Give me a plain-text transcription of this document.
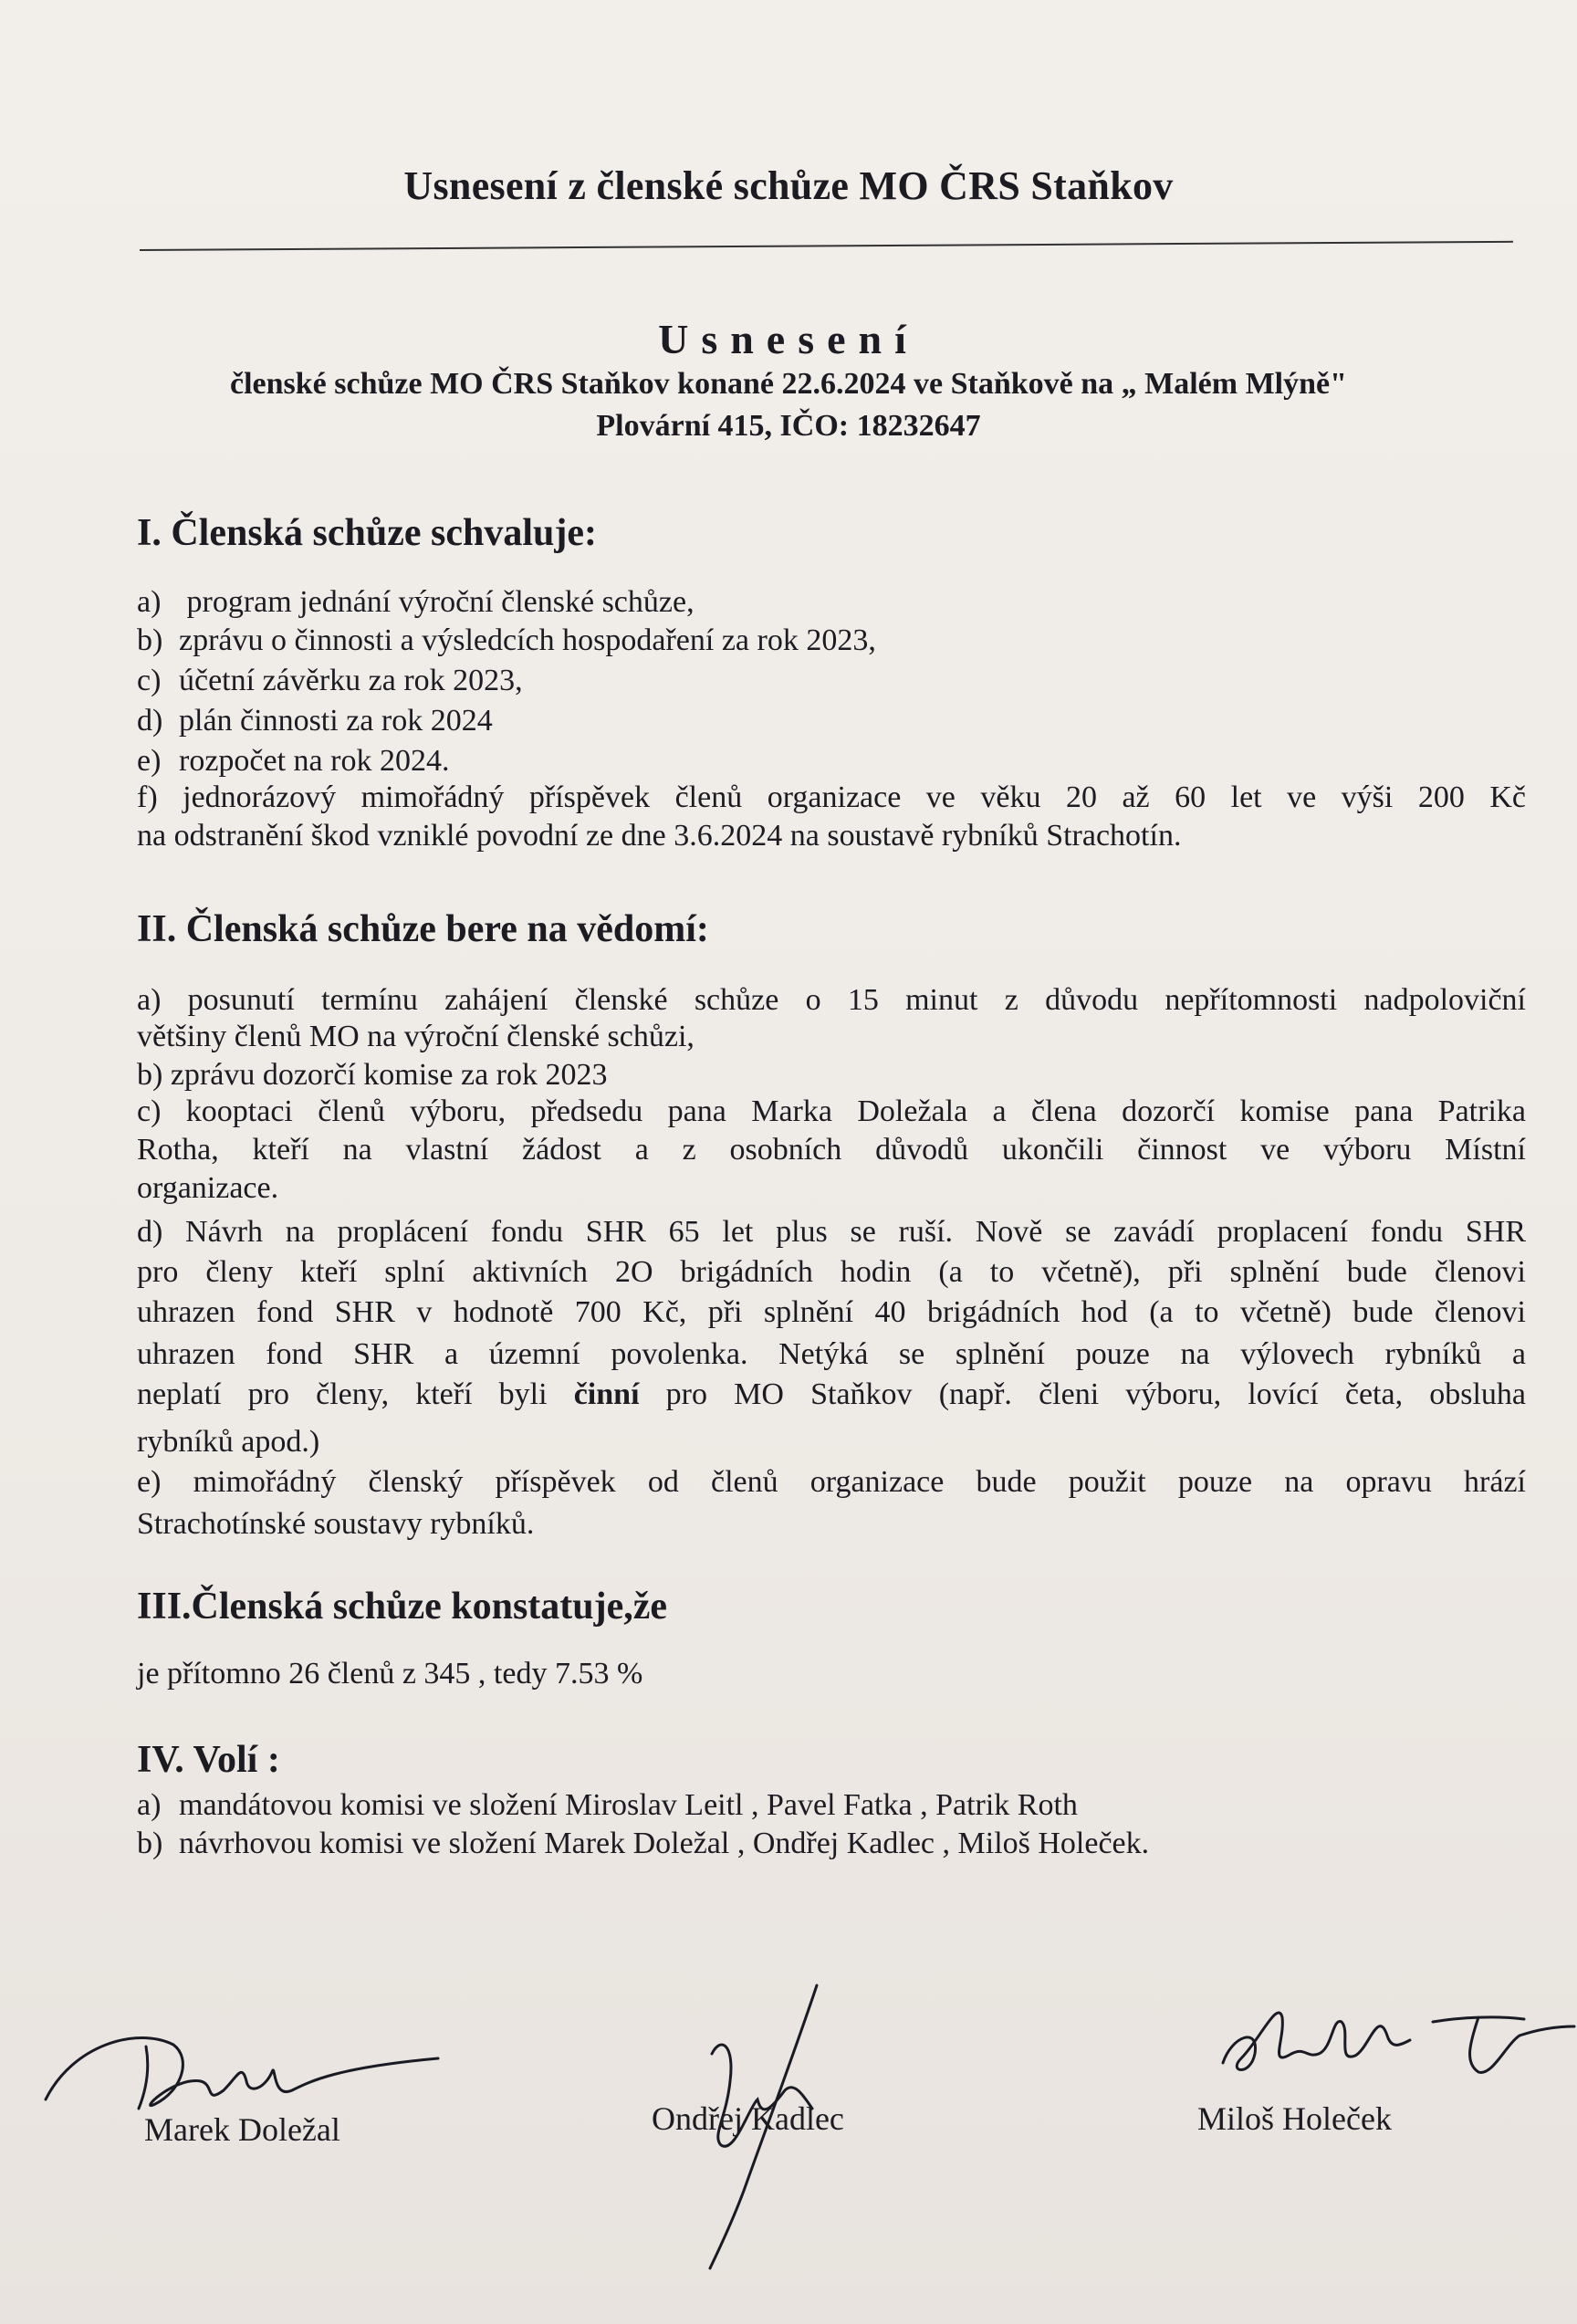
Usnesení z členské schůze MO ČRS Staňkov
Usnesení
členské schůze MO ČRS Staňkov konané 22.6.2024 ve Staňkově na „ Malém Mlýně"
Plovární 415, IČO: 18232647
I. Členská schůze schvaluje:
a) program jednání výroční členské schůze,
b) zprávu o činnosti a výsledcích hospodaření za rok 2023,
c) účetní závěrku za rok 2023,
d) plán činnosti za rok 2024
e) rozpočet na rok 2024.
f) jednorázový mimořádný příspěvek členů organizace ve věku 20 až 60 let ve výši 200 Kč
na odstranění škod vzniklé povodní ze dne 3.6.2024 na soustavě rybníků Strachotín.
II. Členská schůze bere na vědomí:
a) posunutí termínu zahájení členské schůze o 15 minut z důvodu nepřítomnosti nadpoloviční
většiny členů MO na výroční členské schůzi,
b) zprávu dozorčí komise za rok 2023
c) kooptaci členů výboru, předsedu pana Marka Doležala a člena dozorčí komise pana Patrika
Rotha, kteří na vlastní žádost a z osobních důvodů ukončili činnost ve výboru Místní
organizace.
d) Návrh na proplácení fondu SHR 65 let plus se ruší. Nově se zavádí proplacení fondu SHR
pro členy kteří splní aktivních 2O brigádních hodin (a to včetně), při splnění bude členovi
uhrazen fond SHR v hodnotě 700 Kč, při splnění 40 brigádních hod (a to včetně) bude členovi
uhrazen fond SHR a územní povolenka. Netýká se splnění pouze na výlovech rybníků a
neplatí pro členy, kteří byli činní pro MO Staňkov (např. členi výboru, lovící četa, obsluha
rybníků apod.)
e) mimořádný členský příspěvek od členů organizace bude použit pouze na opravu hrází
Strachotínské soustavy rybníků.
III.Členská schůze konstatuje,že
je přítomno 26 členů z 345 , tedy 7.53 %
IV. Volí :
a) mandátovou komisi ve složení Miroslav Leitl , Pavel Fatka , Patrik Roth
b) návrhovou komisi ve složení Marek Doležal , Ondřej Kadlec , Miloš Holeček.
Marek Doležal	Ondřej Kadlec	Miloš Holeček
